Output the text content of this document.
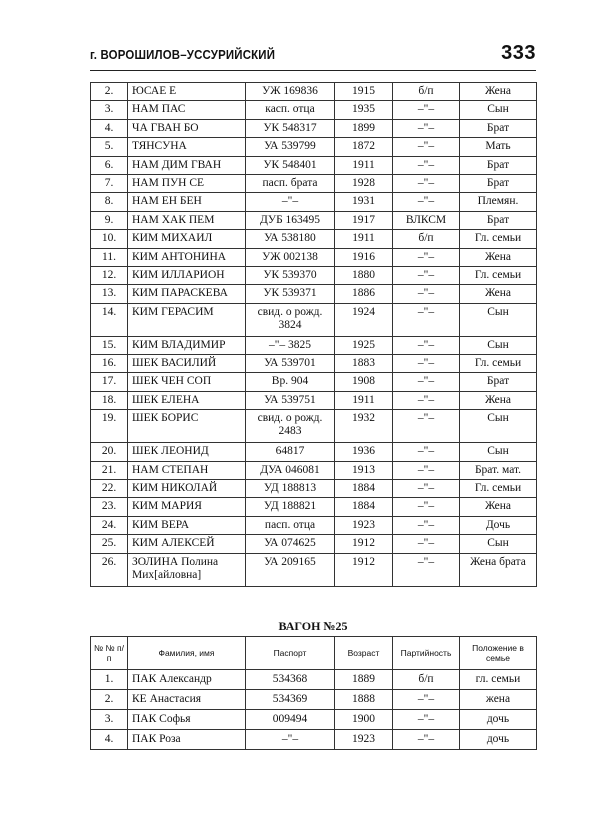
г. ВОРОШИЛОВ–УССУРИЙСКИЙ	333
2.	ЮСАЕ Е	УЖ 169836	1915	б/п	Жена
3.	НАМ ПАС	касп. отца	1935	–"–	Сын
4.	ЧА ГВАН БО	УК 548317	1899	–"–	Брат
5.	ТЯНСУНА	УА 539799	1872	–"–	Мать
6.	НАМ ДИМ ГВАН	УК 548401	1911	–"–	Брат
7.	НАМ ПУН СЕ	пасп. брата	1928	–"–	Брат
8.	НАМ ЕН БЕН	–"–	1931	–"–	Племян.
9.	НАМ ХАК ПЕМ	ДУБ 163495	1917	ВЛКСМ	Брат
10.	КИМ МИХАИЛ	УА 538180	1911	б/п	Гл. семьи
11.	КИМ АНТОНИНА	УЖ 002138	1916	–"–	Жена
12.	КИМ ИЛЛАРИОН	УК 539370	1880	–"–	Гл. семьи
13.	КИМ ПАРАСКЕВА	УК 539371	1886	–"–	Жена
14.	КИМ ГЕРАСИМ	свид. о рожд. 3824	1924	–"–	Сын
15.	КИМ ВЛАДИМИР	–"– 3825	1925	–"–	Сын
16.	ШЕК ВАСИЛИЙ	УА 539701	1883	–"–	Гл. семьи
17.	ШЕК ЧЕН СОП	Вр. 904	1908	–"–	Брат
18.	ШЕК ЕЛЕНА	УА 539751	1911	–"–	Жена
19.	ШЕК БОРИС	свид. о рожд. 2483	1932	–"–	Сын
20.	ШЕК ЛЕОНИД	64817	1936	–"–	Сын
21.	НАМ СТЕПАН	ДУА 046081	1913	–"–	Брат. мат.
22.	КИМ НИКОЛАЙ	УД 188813	1884	–"–	Гл. семьи
23.	КИМ МАРИЯ	УД 188821	1884	–"–	Жена
24.	КИМ ВЕРА	пасп. отца	1923	–"–	Дочь
25.	КИМ АЛЕКСЕЙ	УА 074625	1912	–"–	Сын
26.	ЗОЛИНА Полина Мих[айловна]	УА 209165	1912	–"–	Жена брата
ВАГОН №25
№ № п/п	Фамилия, имя	Паспорт	Возраст	Партийность	Положение в семье
1.	ПАК Александр	534368	1889	б/п	гл. семьи
2.	КЕ Анастасия	534369	1888	–"–	жена
3.	ПАК Софья	009494	1900	–"–	дочь
4.	ПАК Роза	–"–	1923	–"–	дочь
